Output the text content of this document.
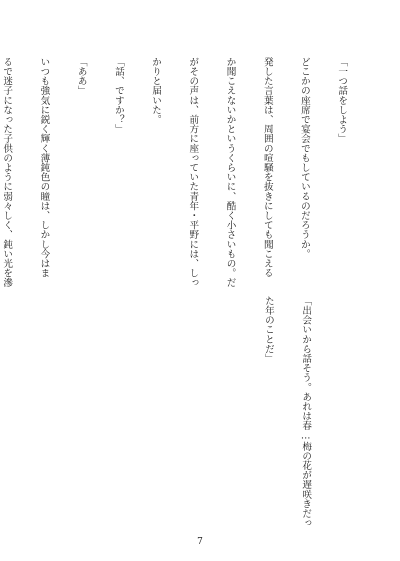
「一つ話をしよう」

どこかの座席で宴会でもしているのだろうか。

発した言葉は、周囲の喧騒を抜きにしても聞こえる

か聞こえないかというくらいに、酷く小さいもの。だ

がその声は、前方に座っていた青年・平野には、しっ

かりと届いた。

「話、ですか？」

「ああ」

いつも強気に鋭く輝く薄鈍色の瞳は、しかし今はま

るで迷子になった子供のように弱々しく、鈍い光を滲

「出会いから話そう。あれは春…梅の花が遅咲きだっ

た年のことだ」

7
